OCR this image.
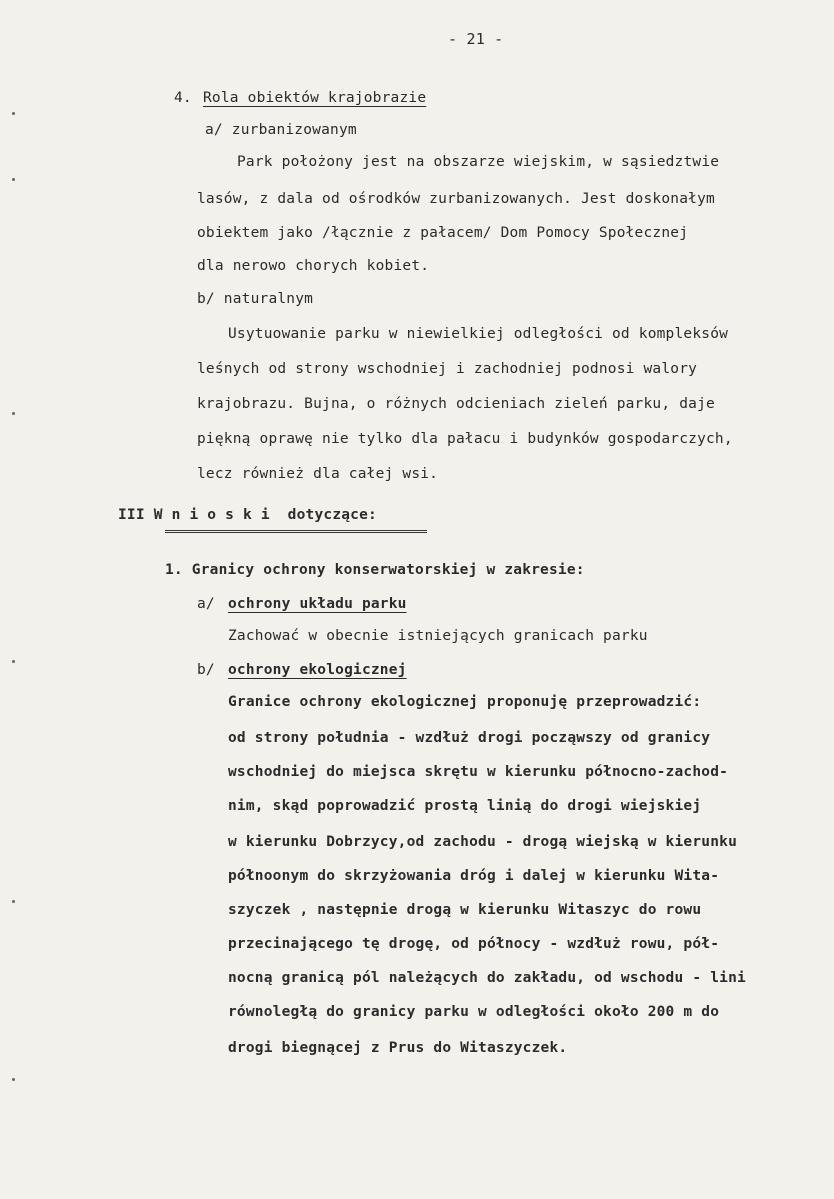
- 21 -
4. Rola obiektów krajobrazie
a/ zurbanizowanym
Park położony jest na obszarze wiejskim, w sąsiedztwie
lasów, z dala od ośrodków zurbanizowanych. Jest doskonałym
obiektem jako /łącznie z pałacem/ Dom Pomocy Społecznej
dla nerowo chorych kobiet.
b/ naturalnym
Usytuowanie parku w niewielkiej odległości od kompleksów
leśnych od strony wschodniej i zachodniej podnosi walory
krajobrazu. Bujna, o różnych odcieniach zieleń parku, daje
piękną oprawę nie tylko dla pałacu i budynków gospodarczych,
lecz również dla całej wsi.
III W n i o s k i  dotyczące:
1. Granicy ochrony konserwatorskiej w zakresie:
a/ ochrony układu parku
Zachować w obecnie istniejących granicach parku
b/ ochrony ekologicznej
Granice ochrony ekologicznej proponuję przeprowadzić:
od strony południa - wzdłuż drogi począwszy od granicy
wschodniej do miejsca skrętu w kierunku północno-zachod-
nim, skąd poprowadzić prostą linią do drogi wiejskiej
w kierunku Dobrzycy,od zachodu - drogą wiejską w kierunku
półnoonym do skrzyżowania dróg i dalej w kierunku Wita-
szyczek , następnie drogą w kierunku Witaszyc do rowu
przecinającego tę drogę, od północy - wzdłuż rowu, pół-
nocną granicą pól należących do zakładu, od wschodu - lini
równoległą do granicy parku w odległości około 200 m do
drogi biegnącej z Prus do Witaszyczek.
